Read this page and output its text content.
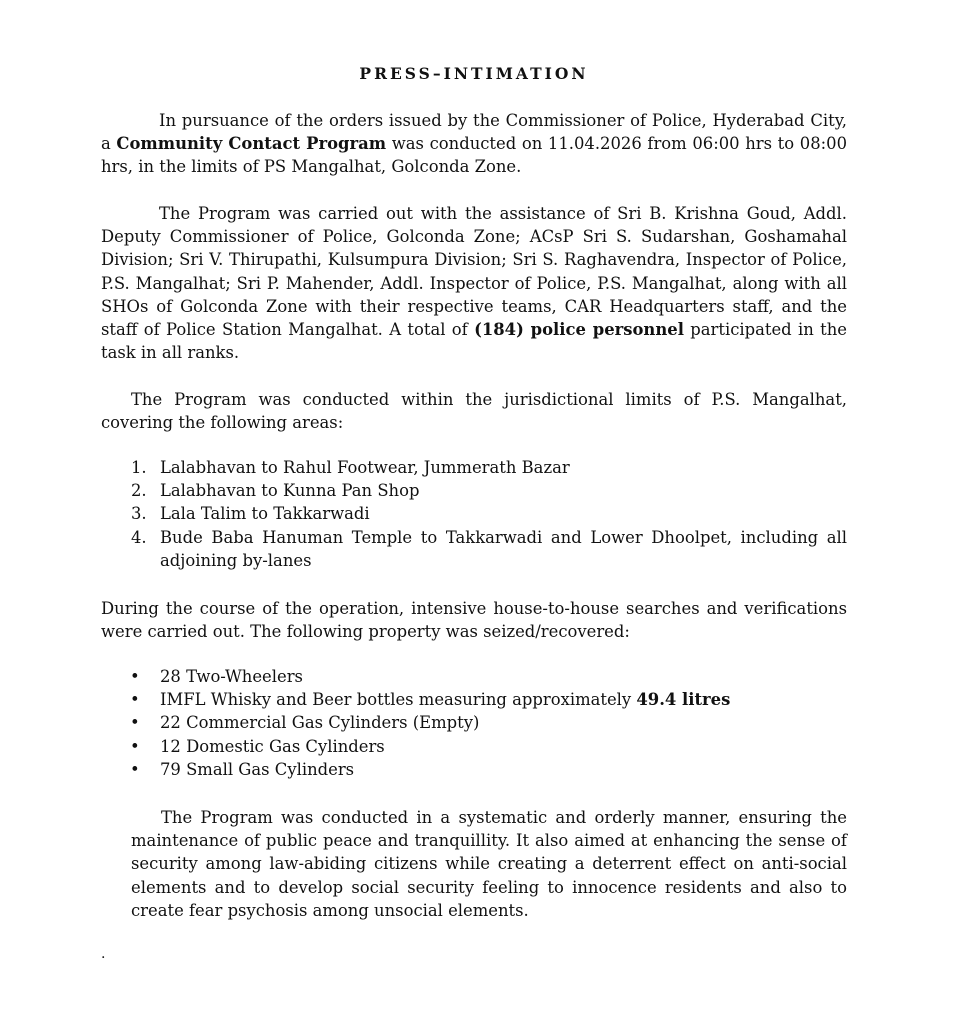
PRESS–INTIMATION

In pursuance of the orders issued by the Commissioner of Police, Hyderabad City, a Community Contact Program was conducted on 11.04.2026 from 06:00 hrs to 08:00 hrs, in the limits of PS Mangalhat, Golconda Zone.

The Program was carried out with the assistance of Sri B. Krishna Goud, Addl. Deputy Commissioner of Police, Golconda Zone; ACsP Sri S. Sudarshan, Goshamahal Division; Sri V. Thirupathi, Kulsumpura Division; Sri S. Raghavendra, Inspector of Police, P.S. Mangalhat; Sri P. Mahender, Addl. Inspector of Police, P.S. Mangalhat, along with all SHOs of Golconda Zone with their respective teams, CAR Headquarters staff, and the staff of Police Station Mangalhat. A total of (184) police personnel participated in the task in all ranks.

The Program was conducted within the jurisdictional limits of P.S. Mangalhat, covering the following areas:

1. Lalabhavan to Rahul Footwear, Jummerath Bazar
2. Lalabhavan to Kunna Pan Shop
3. Lala Talim to Takkarwadi
4. Bude Baba Hanuman Temple to Takkarwadi and Lower Dhoolpet, including all adjoining by-lanes

During the course of the operation, intensive house-to-house searches and verifications were carried out. The following property was seized/recovered:

• 28 Two-Wheelers
• IMFL Whisky and Beer bottles measuring approximately 49.4 litres
• 22 Commercial Gas Cylinders (Empty)
• 12 Domestic Gas Cylinders
• 79 Small Gas Cylinders

The Program was conducted in a systematic and orderly manner, ensuring the maintenance of public peace and tranquillity. It also aimed at enhancing the sense of security among law-abiding citizens while creating a deterrent effect on anti-social elements and to develop social security feeling to innocence residents and also to create fear psychosis among unsocial elements.

.
